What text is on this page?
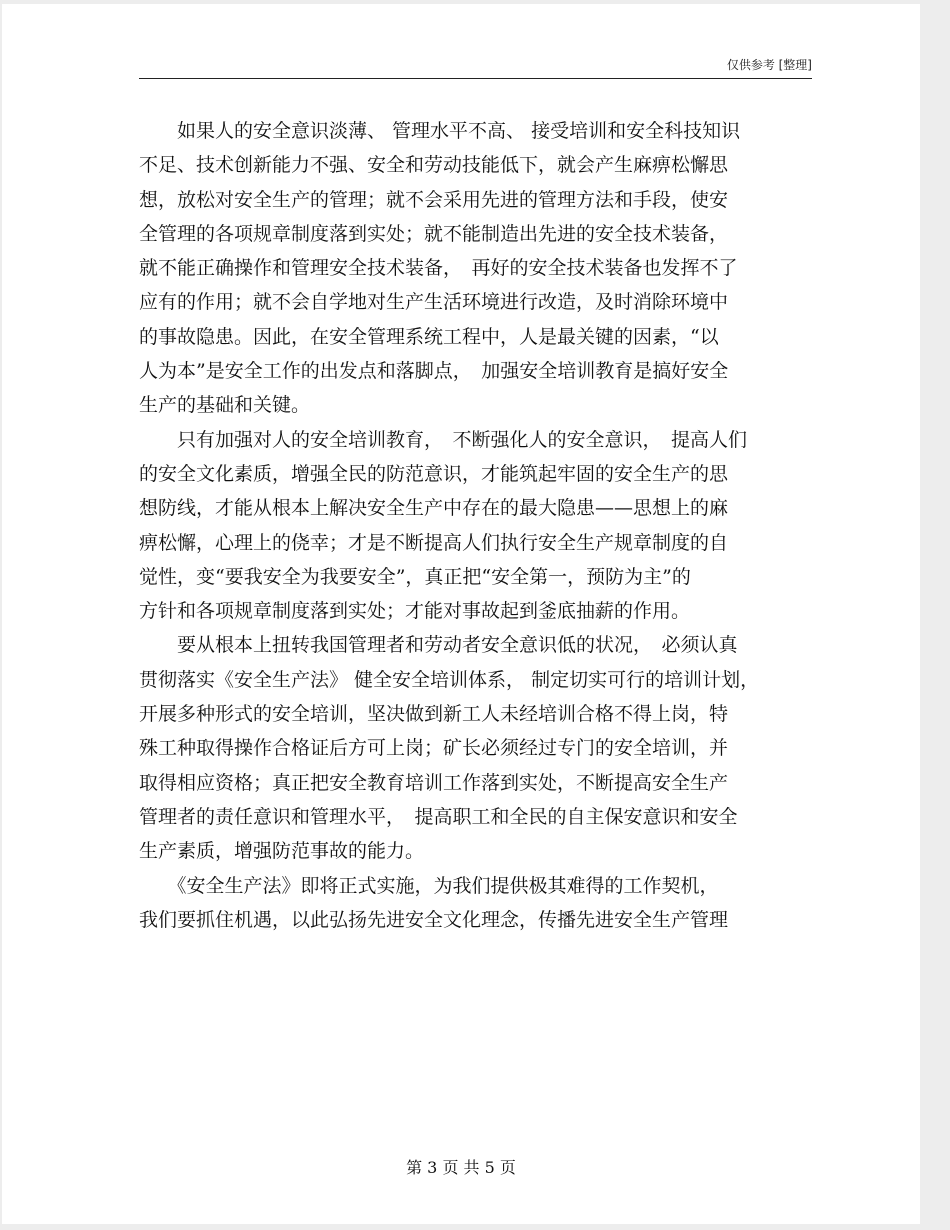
仅供参考 [整理]
　　如果人的安全意识淡薄、 管理水平不高、 接受培训和安全科技知识
不足、技术创新能力不强、安全和劳动技能低下，就会产生麻痹松懈思
想，放松对安全生产的管理；就不会采用先进的管理方法和手段，使安
全管理的各项规章制度落到实处；就不能制造出先进的安全技术装备，
就不能正确操作和管理安全技术装备，　再好的安全技术装备也发挥不了
应有的作用；就不会自学地对生产生活环境进行改造，及时消除环境中
的事故隐患。因此，在安全管理系统工程中，人是最关键的因素，“以
人为本”是安全工作的出发点和落脚点，　加强安全培训教育是搞好安全
生产的基础和关键。
　　只有加强对人的安全培训教育，　不断强化人的安全意识，　提高人们
的安全文化素质，增强全民的防范意识，才能筑起牢固的安全生产的思
想防线，才能从根本上解决安全生产中存在的最大隐患——思想上的麻
痹松懈，心理上的侥幸；才是不断提高人们执行安全生产规章制度的自
觉性，变“要我安全为我要安全”，真正把“安全第一，预防为主”的
方针和各项规章制度落到实处；才能对事故起到釜底抽薪的作用。
　　要从根本上扭转我国管理者和劳动者安全意识低的状况，　必须认真
贯彻落实《安全生产法》 健全安全培训体系， 制定切实可行的培训计划，
开展多种形式的安全培训，坚决做到新工人未经培训合格不得上岗，特
殊工种取得操作合格证后方可上岗；矿长必须经过专门的安全培训，并
取得相应资格；真正把安全教育培训工作落到实处，不断提高安全生产
管理者的责任意识和管理水平，　提高职工和全民的自主保安意识和安全
生产素质，增强防范事故的能力。
　　《安全生产法》即将正式实施，为我们提供极其难得的工作契机，
我们要抓住机遇，以此弘扬先进安全文化理念，传播先进安全生产管理
第 3 页 共 5 页
